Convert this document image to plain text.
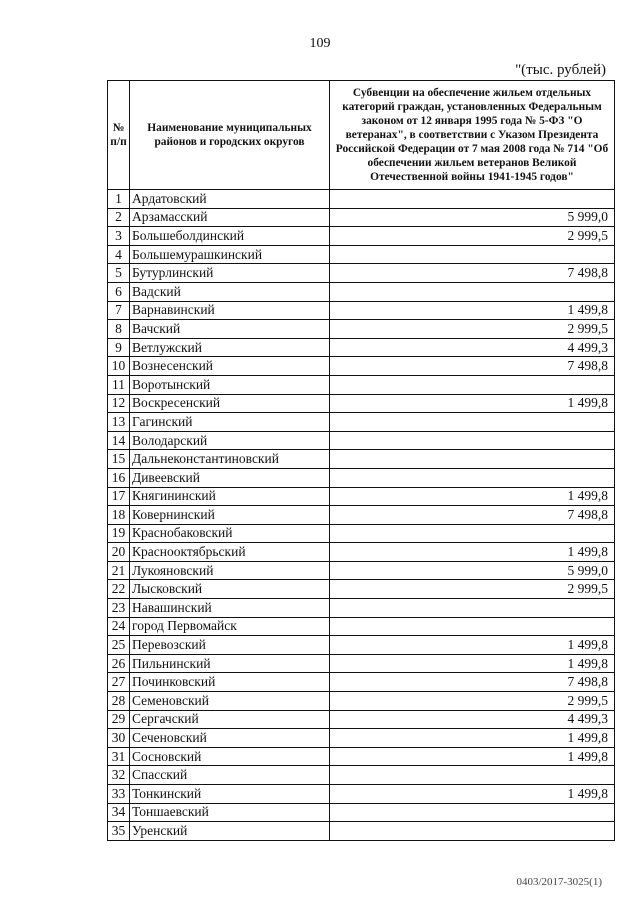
109
"(тыс. рублей)
№ п/п	Наименование муниципальных районов и городских округов	Субвенции на обеспечение жильем отдельных категорий граждан, установленных Федеральным законом от 12 января 1995 года № 5-ФЗ "О ветеранах", в соответствии с Указом Президента Российской Федерации от 7 мая 2008 года № 714 "Об обеспечении жильем ветеранов Великой Отечественной войны 1941-1945 годов"
1	Ардатовский	
2	Арзамасский	5 999,0
3	Большеболдинский	2 999,5
4	Большемурашкинский	
5	Бутурлинский	7 498,8
6	Вадский	
7	Варнавинский	1 499,8
8	Вачский	2 999,5
9	Ветлужский	4 499,3
10	Вознесенский	7 498,8
11	Воротынский	
12	Воскресенский	1 499,8
13	Гагинский	
14	Володарский	
15	Дальнеконстантиновский	
16	Дивеевский	
17	Княгининский	1 499,8
18	Ковернинский	7 498,8
19	Краснобаковский	
20	Краснооктябрьский	1 499,8
21	Лукояновский	5 999,0
22	Лысковский	2 999,5
23	Навашинский	
24	город Первомайск	
25	Перевозский	1 499,8
26	Пильнинский	1 499,8
27	Починковский	7 498,8
28	Семеновский	2 999,5
29	Сергачский	4 499,3
30	Сеченовский	1 499,8
31	Сосновский	1 499,8
32	Спасский	
33	Тонкинский	1 499,8
34	Тоншаевский	
35	Уренский	
0403/2017-3025(1)
